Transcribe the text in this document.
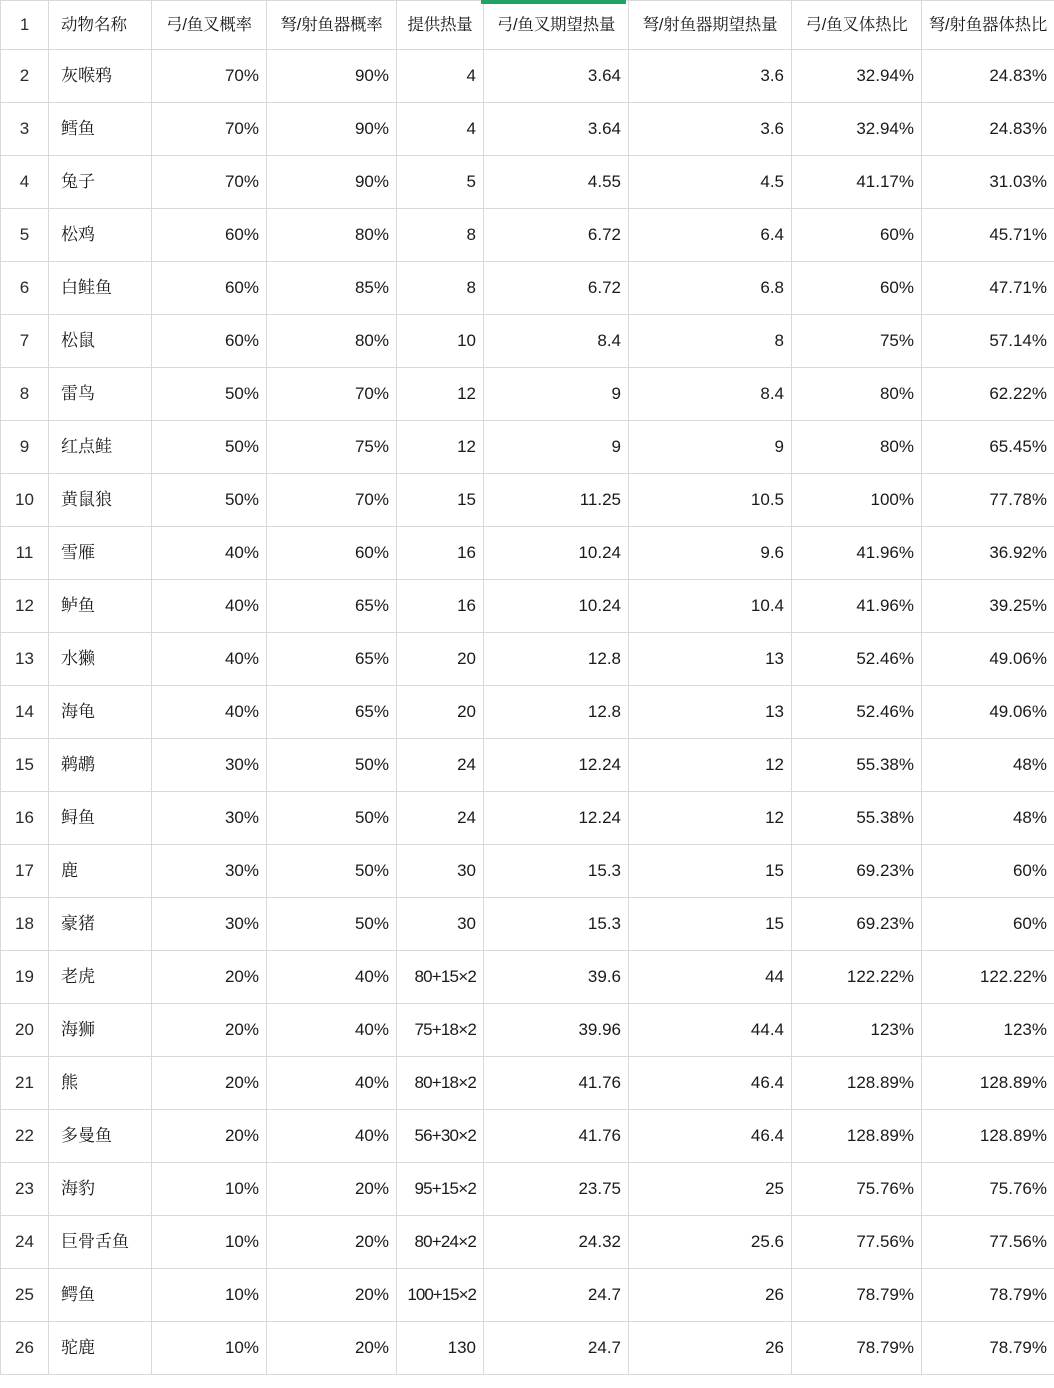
1	动物名称	弓/鱼叉概率	弩/射鱼器概率	提供热量	弓/鱼叉期望热量	弩/射鱼器期望热量	弓/鱼叉体热比	弩/射鱼器体热比
2	灰喉鸦	70%	90%	4	3.64	3.6	32.94%	24.83%
3	鳕鱼	70%	90%	4	3.64	3.6	32.94%	24.83%
4	兔子	70%	90%	5	4.55	4.5	41.17%	31.03%
5	松鸡	60%	80%	8	6.72	6.4	60%	45.71%
6	白鲑鱼	60%	85%	8	6.72	6.8	60%	47.71%
7	松鼠	60%	80%	10	8.4	8	75%	57.14%
8	雷鸟	50%	70%	12	9	8.4	80%	62.22%
9	红点鲑	50%	75%	12	9	9	80%	65.45%
10	黄鼠狼	50%	70%	15	11.25	10.5	100%	77.78%
11	雪雁	40%	60%	16	10.24	9.6	41.96%	36.92%
12	鲈鱼	40%	65%	16	10.24	10.4	41.96%	39.25%
13	水獭	40%	65%	20	12.8	13	52.46%	49.06%
14	海龟	40%	65%	20	12.8	13	52.46%	49.06%
15	鹈鹕	30%	50%	24	12.24	12	55.38%	48%
16	鲟鱼	30%	50%	24	12.24	12	55.38%	48%
17	鹿	30%	50%	30	15.3	15	69.23%	60%
18	豪猪	30%	50%	30	15.3	15	69.23%	60%
19	老虎	20%	40%	80+15×2	39.6	44	122.22%	122.22%
20	海狮	20%	40%	75+18×2	39.96	44.4	123%	123%
21	熊	20%	40%	80+18×2	41.76	46.4	128.89%	128.89%
22	多曼鱼	20%	40%	56+30×2	41.76	46.4	128.89%	128.89%
23	海豹	10%	20%	95+15×2	23.75	25	75.76%	75.76%
24	巨骨舌鱼	10%	20%	80+24×2	24.32	25.6	77.56%	77.56%
25	鳄鱼	10%	20%	100+15×2	24.7	26	78.79%	78.79%
26	驼鹿	10%	20%	130	24.7	26	78.79%	78.79%
